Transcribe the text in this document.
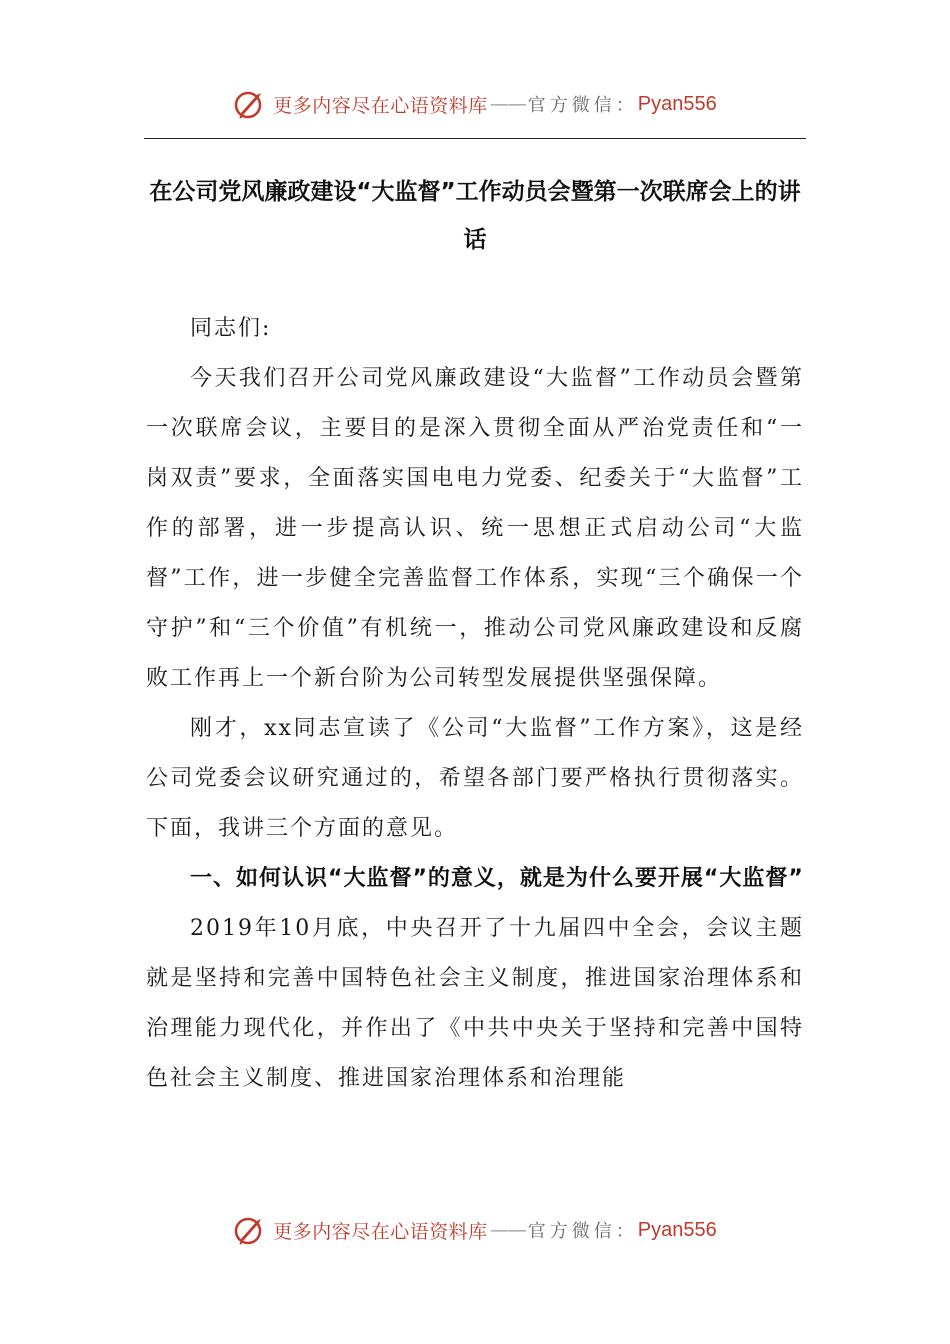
更多内容尽在心语资料库 —— 官方微信： Pyan556
在公司党风廉政建设“大监督”工作动员会暨第一次联席会上的讲话

同志们:

今天我们召开公司党风廉政建设“大监督”工作动员会暨第一次联席会议，主要目的是深入贯彻全面从严治党责任和“一岗双责”要求，全面落实国电电力党委、纪委关于“大监督”工作的部署，进一步提高认识、统一思想正式启动公司“大监督”工作，进一步健全完善监督工作体系，实现“三个确保一个守护”和“三个价值”有机统一，推动公司党风廉政建设和反腐败工作再上一个新台阶为公司转型发展提供坚强保障。

刚才，xx同志宣读了《公司“大监督”工作方案》，这是经公司党委会议研究通过的，希望各部门要严格执行贯彻落实。下面，我讲三个方面的意见。

一、如何认识“大监督”的意义，就是为什么要开展“大监督”

2019年10月底，中央召开了十九届四中全会，会议主题就是坚持和完善中国特色社会主义制度，推进国家治理体系和治理能力现代化，并作出了《中共中央关于坚持和完善中国特色社会主义制度、推进国家治理体系和治理能

更多内容尽在心语资料库 —— 官方微信： Pyan556
